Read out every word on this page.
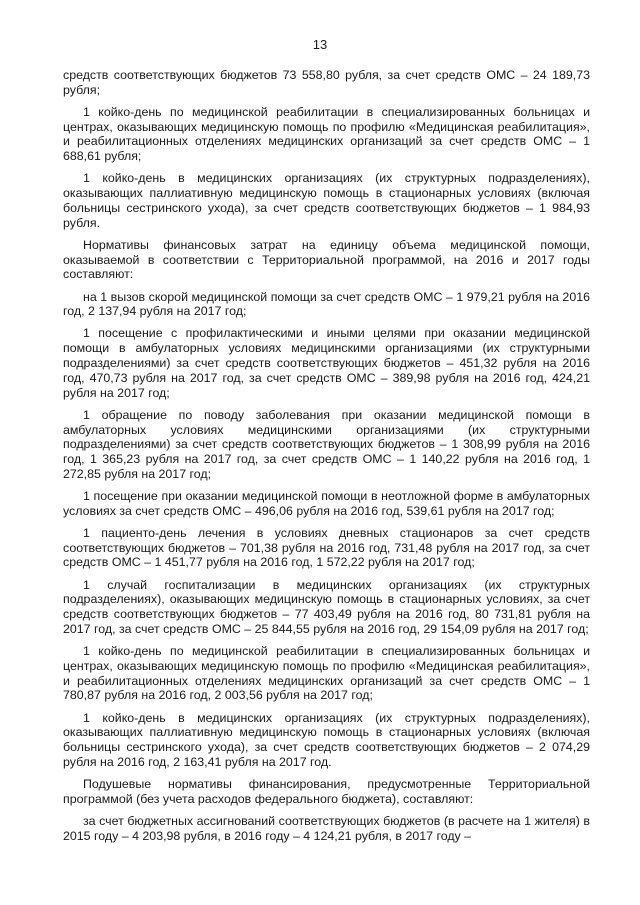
13

средств соответствующих бюджетов 73 558,80 рубля, за счет средств ОМС – 24 189,73 рубля;

1 койко-день по медицинской реабилитации в специализированных больницах и центрах, оказывающих медицинскую помощь по профилю «Медицинская реабилитация», и реабилитационных отделениях медицинских организаций за счет средств ОМС – 1 688,61 рубля;

1 койко-день в медицинских организациях (их структурных подразделениях), оказывающих паллиативную медицинскую помощь в стационарных условиях (включая больницы сестринского ухода), за счет средств соответствующих бюджетов – 1 984,93 рубля.

Нормативы финансовых затрат на единицу объема медицинской помощи, оказываемой в соответствии с Территориальной программой, на 2016 и 2017 годы составляют:

на 1 вызов скорой медицинской помощи за счет средств ОМС – 1 979,21 рубля на 2016 год, 2 137,94 рубля на 2017 год;

1 посещение с профилактическими и иными целями при оказании медицинской помощи в амбулаторных условиях медицинскими организациями (их структурными подразделениями) за счет средств соответствующих бюджетов – 451,32 рубля на 2016 год, 470,73 рубля на 2017 год, за счет средств ОМС – 389,98 рубля на 2016 год, 424,21 рубля на 2017 год;

1 обращение по поводу заболевания при оказании медицинской помощи в амбулаторных условиях медицинскими организациями (их структурными подразделениями) за счет средств соответствующих бюджетов – 1 308,99 рубля на 2016 год, 1 365,23 рубля на 2017 год, за счет средств ОМС – 1 140,22 рубля на 2016 год, 1 272,85 рубля на 2017 год;

1 посещение при оказании медицинской помощи в неотложной форме в амбулаторных условиях за счет средств ОМС – 496,06 рубля на 2016 год, 539,61 рубля на 2017 год;

1 пациенто-день лечения в условиях дневных стационаров за счет средств соответствующих бюджетов – 701,38 рубля на 2016 год, 731,48 рубля на 2017 год, за счет средств ОМС – 1 451,77 рубля на 2016 год, 1 572,22 рубля на 2017 год;

1 случай госпитализации в медицинских организациях (их структурных подразделениях), оказывающих медицинскую помощь в стационарных условиях, за счет средств соответствующих бюджетов – 77 403,49 рубля на 2016 год, 80 731,81 рубля на 2017 год, за счет средств ОМС – 25 844,55 рубля на 2016 год, 29 154,09 рубля на 2017 год;

1 койко-день по медицинской реабилитации в специализированных больницах и центрах, оказывающих медицинскую помощь по профилю «Медицинская реабилитация», и реабилитационных отделениях медицинских организаций за счет средств ОМС – 1 780,87 рубля на 2016 год, 2 003,56 рубля на 2017 год;

1 койко-день в медицинских организациях (их структурных подразделениях), оказывающих паллиативную медицинскую помощь в стационарных условиях (включая больницы сестринского ухода), за счет средств соответствующих бюджетов – 2 074,29 рубля на 2016 год, 2 163,41 рубля на 2017 год.

Подушевые нормативы финансирования, предусмотренные Территориальной программой (без учета расходов федерального бюджета), составляют:

за счет бюджетных ассигнований соответствующих бюджетов (в расчете на 1 жителя) в 2015 году – 4 203,98 рубля, в 2016 году – 4 124,21 рубля, в 2017 году –
